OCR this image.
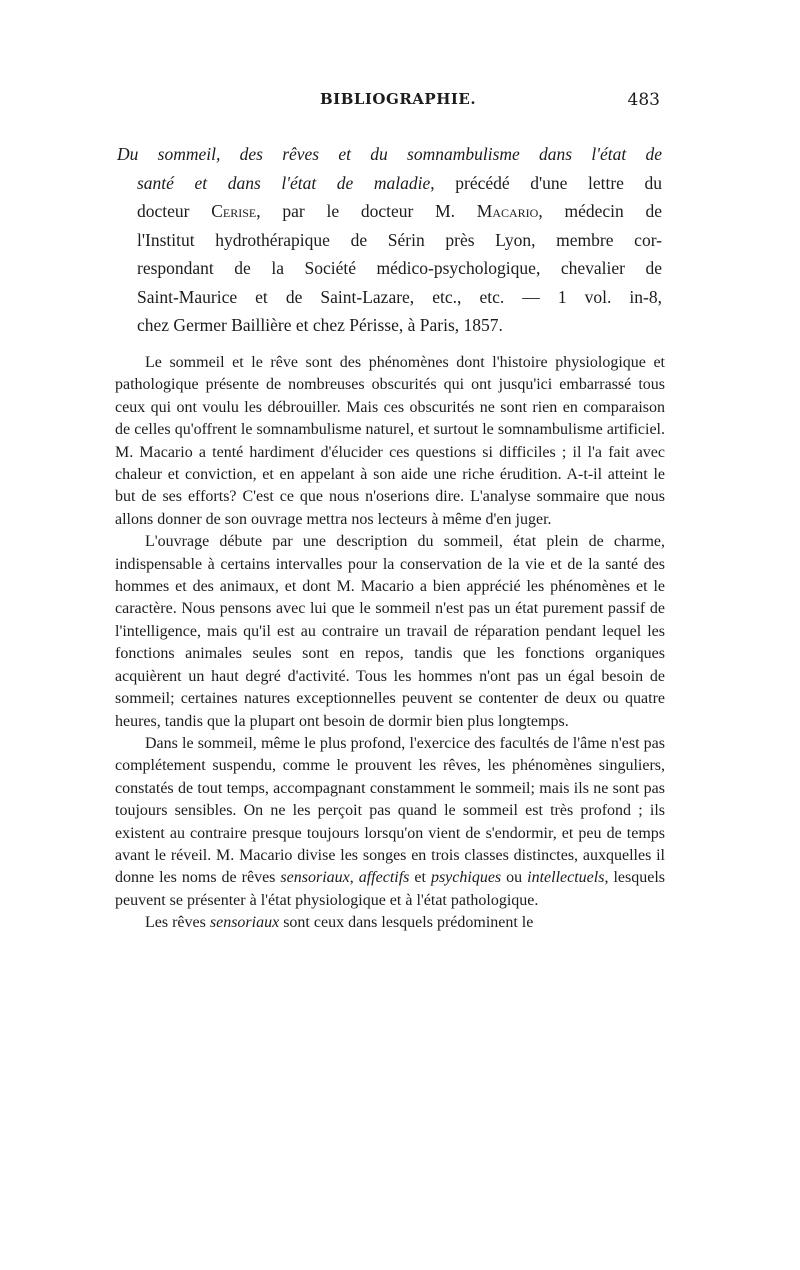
BIBLIOGRAPHIE.	483
Du sommeil, des rêves et du somnambulisme dans l'état de
santé et dans l'état de maladie, précédé d'une lettre du
docteur Cerise, par le docteur M. Macario, médecin de
l'Institut hydrothérapique de Sérin près Lyon, membre cor-
respondant de la Société médico-psychologique, chevalier de
Saint-Maurice et de Saint-Lazare, etc., etc. — 1 vol. in-8,
chez Germer Baillière et chez Périsse, à Paris, 1857.

Le sommeil et le rêve sont des phénomènes dont l'histoire physiologique et pathologique présente de nombreuses obscurités qui ont jusqu'ici embarrassé tous ceux qui ont voulu les débrouiller. Mais ces obscurités ne sont rien en comparaison de celles qu'offrent le somnambulisme naturel, et surtout le somnambulisme artificiel. M. Macario a tenté hardiment d'élucider ces questions si difficiles ; il l'a fait avec chaleur et conviction, et en appelant à son aide une riche érudition. A-t-il atteint le but de ses efforts? C'est ce que nous n'oserions dire. L'analyse sommaire que nous allons donner de son ouvrage mettra nos lecteurs à même d'en juger.

L'ouvrage débute par une description du sommeil, état plein de charme, indispensable à certains intervalles pour la conservation de la vie et de la santé des hommes et des animaux, et dont M. Macario a bien apprécié les phénomènes et le caractère. Nous pensons avec lui que le sommeil n'est pas un état purement passif de l'intelligence, mais qu'il est au contraire un travail de réparation pendant lequel les fonctions animales seules sont en repos, tandis que les fonctions organiques acquièrent un haut degré d'activité. Tous les hommes n'ont pas un égal besoin de sommeil; certaines natures exceptionnelles peuvent se contenter de deux ou quatre heures, tandis que la plupart ont besoin de dormir bien plus longtemps.

Dans le sommeil, même le plus profond, l'exercice des facultés de l'âme n'est pas complétement suspendu, comme le prouvent les rêves, les phénomènes singuliers, constatés de tout temps, accompagnant constamment le sommeil; mais ils ne sont pas toujours sensibles. On ne les perçoit pas quand le sommeil est très profond ; ils existent au contraire presque toujours lorsqu'on vient de s'endormir, et peu de temps avant le réveil. M. Macario divise les songes en trois classes distinctes, auxquelles il donne les noms de rêves sensoriaux, affectifs et psychiques ou intellectuels, lesquels peuvent se présenter à l'état physiologique et à l'état pathologique.

Les rêves sensoriaux sont ceux dans lesquels prédominent le
